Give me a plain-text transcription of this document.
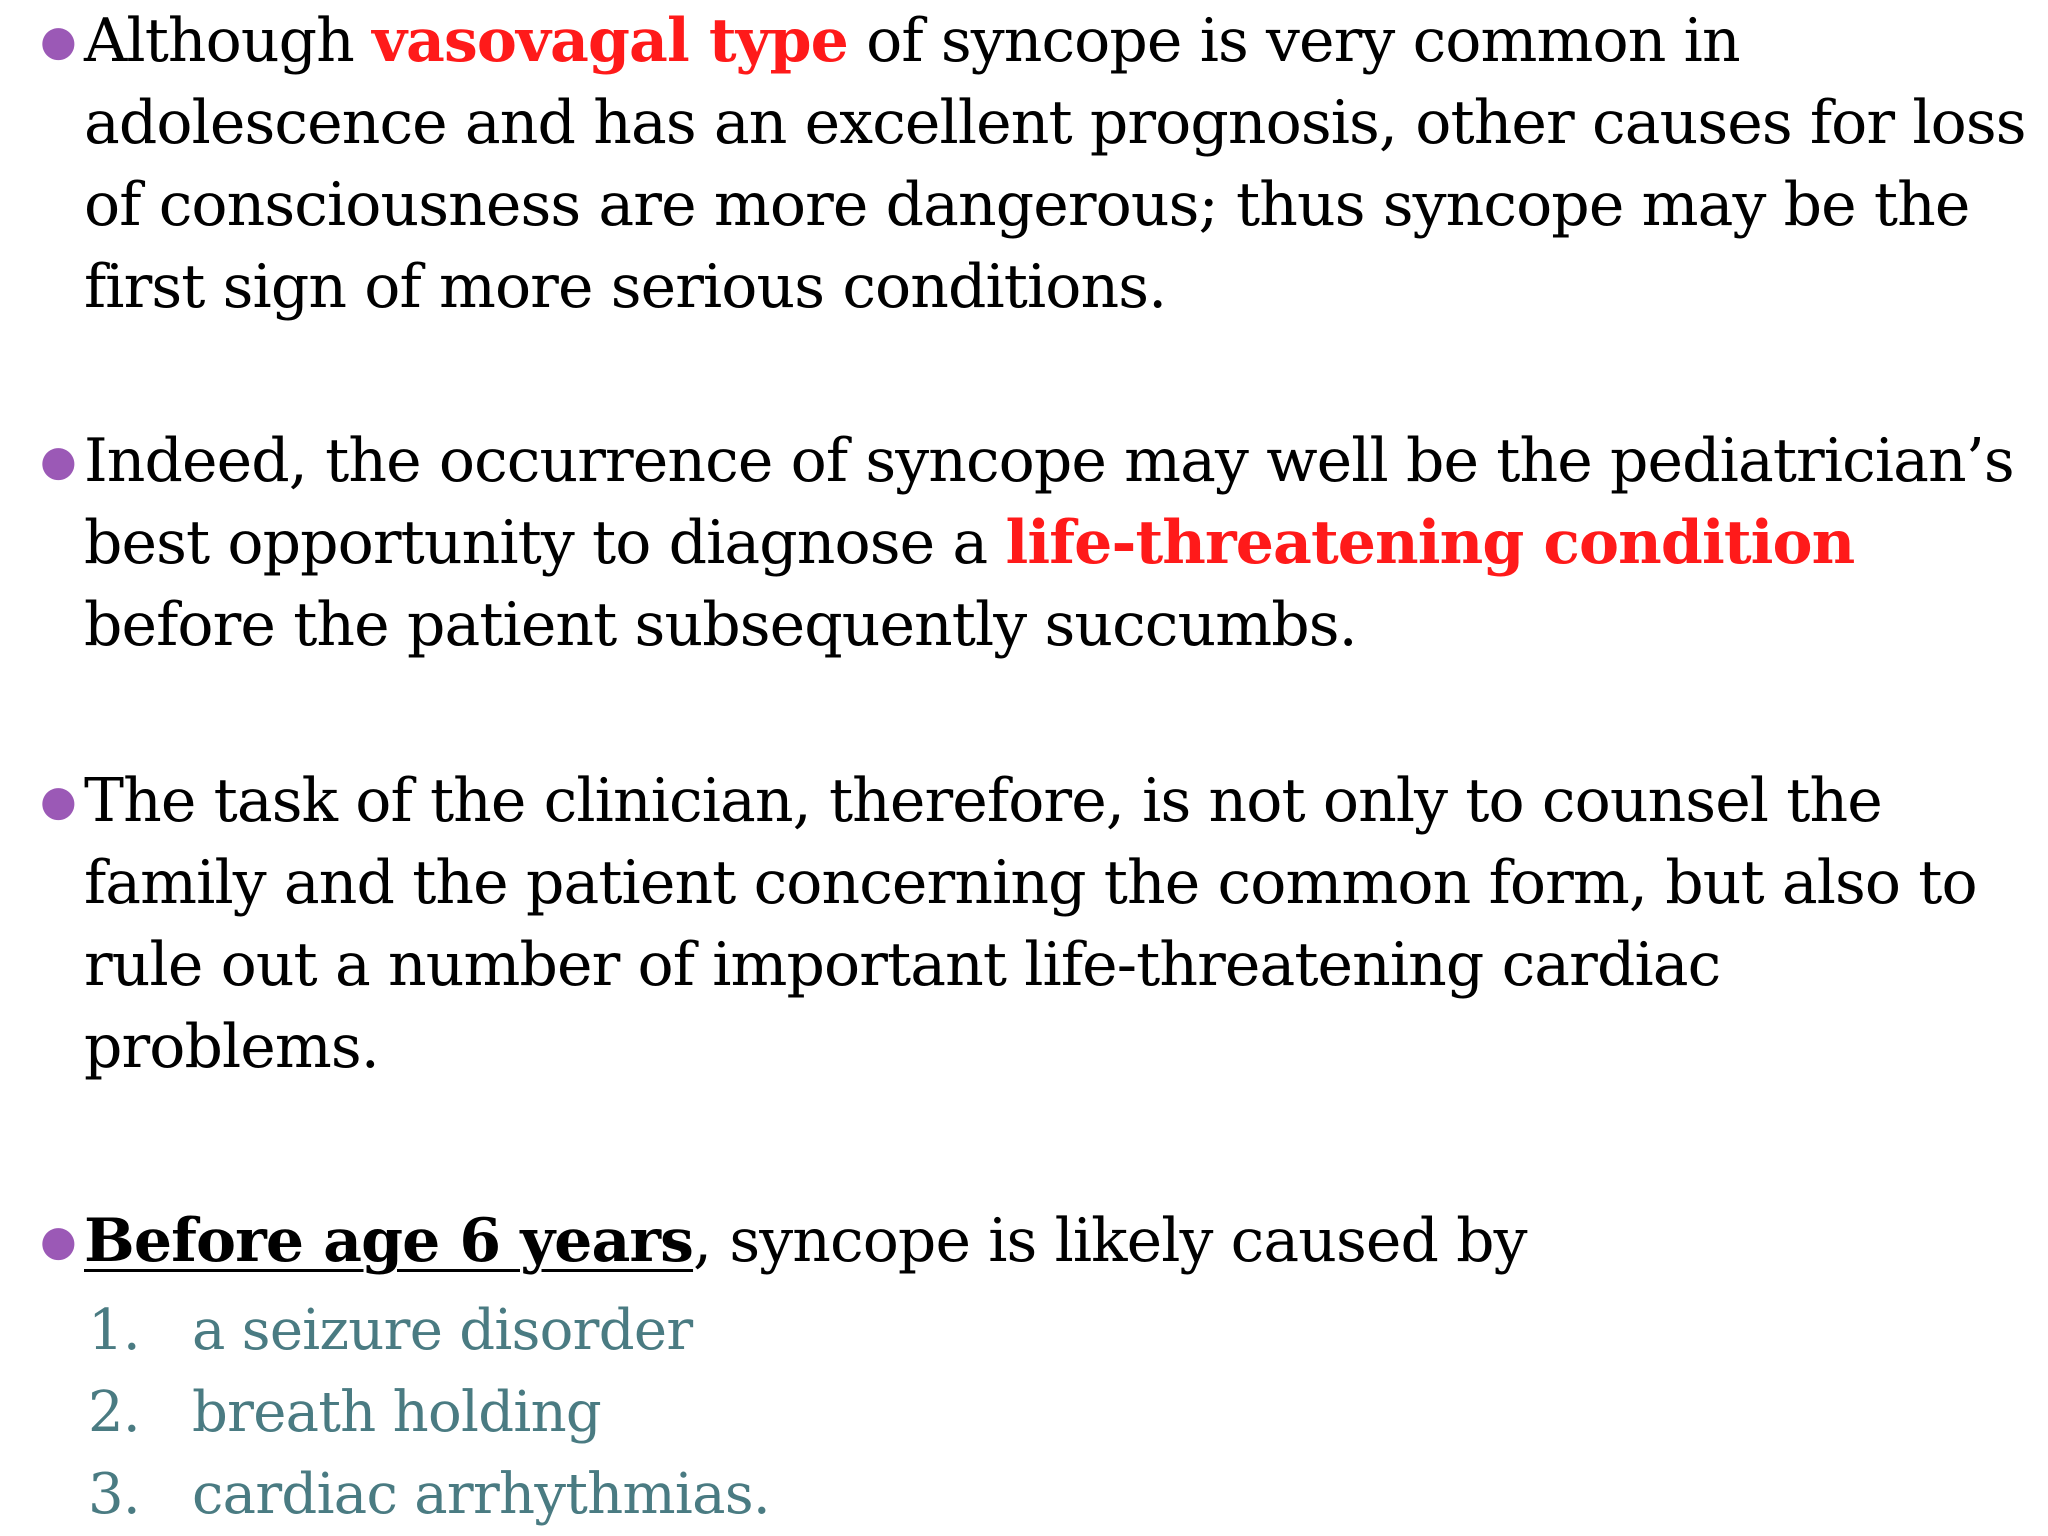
● Although vasovagal type of syncope is very common in
adolescence and has an excellent prognosis, other causes for loss
of consciousness are more dangerous; thus syncope may be the
first sign of more serious conditions.
● Indeed, the occurrence of syncope may well be the pediatrician’s
best opportunity to diagnose a life-threatening condition
before the patient subsequently succumbs.
● The task of the clinician, therefore, is not only to counsel the
family and the patient concerning the common form, but also to
rule out a number of important life-threatening cardiac
problems.
● Before age 6 years, syncope is likely caused by
1. a seizure disorder
2. breath holding
3. cardiac arrhythmias.
